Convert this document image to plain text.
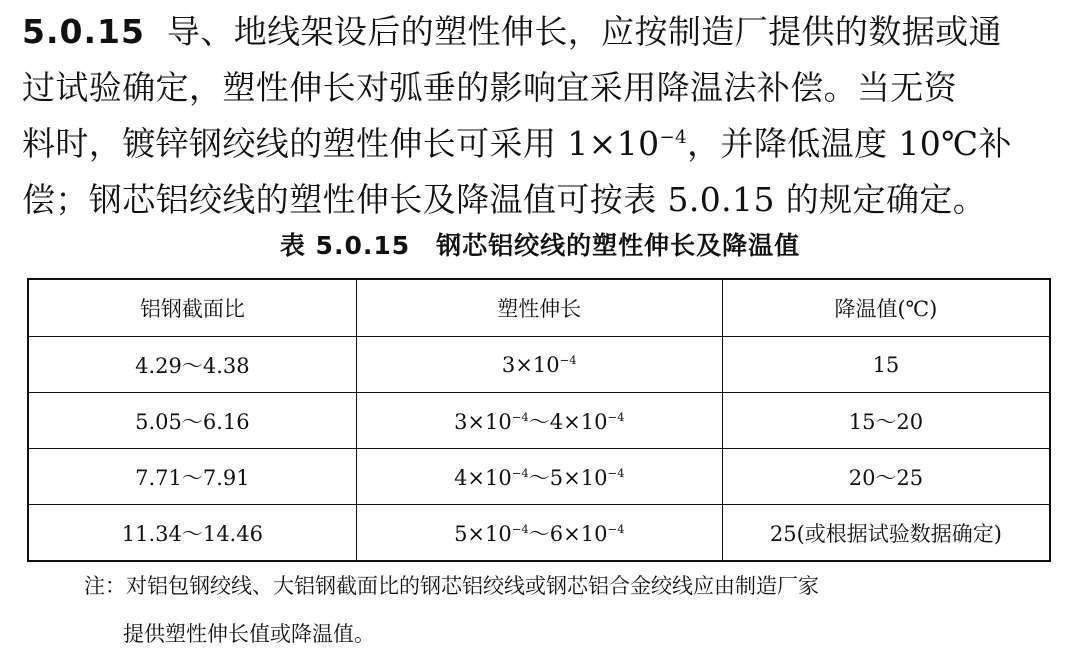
5.0.15 导、地线架设后的塑性伸长，应按制造厂提供的数据或通
过试验确定，塑性伸长对弧垂的影响宜采用降温法补偿。当无资
料时，镀锌钢绞线的塑性伸长可采用 $1\times 10^{-4}$，并降低温度 10℃补
偿；钢芯铝绞线的塑性伸长及降温值可按表 5.0.15 的规定确定。
表 5.0.15 钢芯铝绞线的塑性伸长及降温值
铝钢截面比	塑性伸长	降温值(℃)
4.29～4.38	$3\times 10^{-4}$	15
5.05～6.16	$3\times 10^{-4}\sim 4\times 10^{-4}$	15～20
7.71～7.91	$4\times 10^{-4}\sim 5\times 10^{-4}$	20～25
11.34～14.46	$5\times 10^{-4}\sim 6\times 10^{-4}$	25(或根据试验数据确定)
注：对铝包钢绞线、大铝钢截面比的钢芯铝绞线或钢芯铝合金绞线应由制造厂家
提供塑性伸长值或降温值。
